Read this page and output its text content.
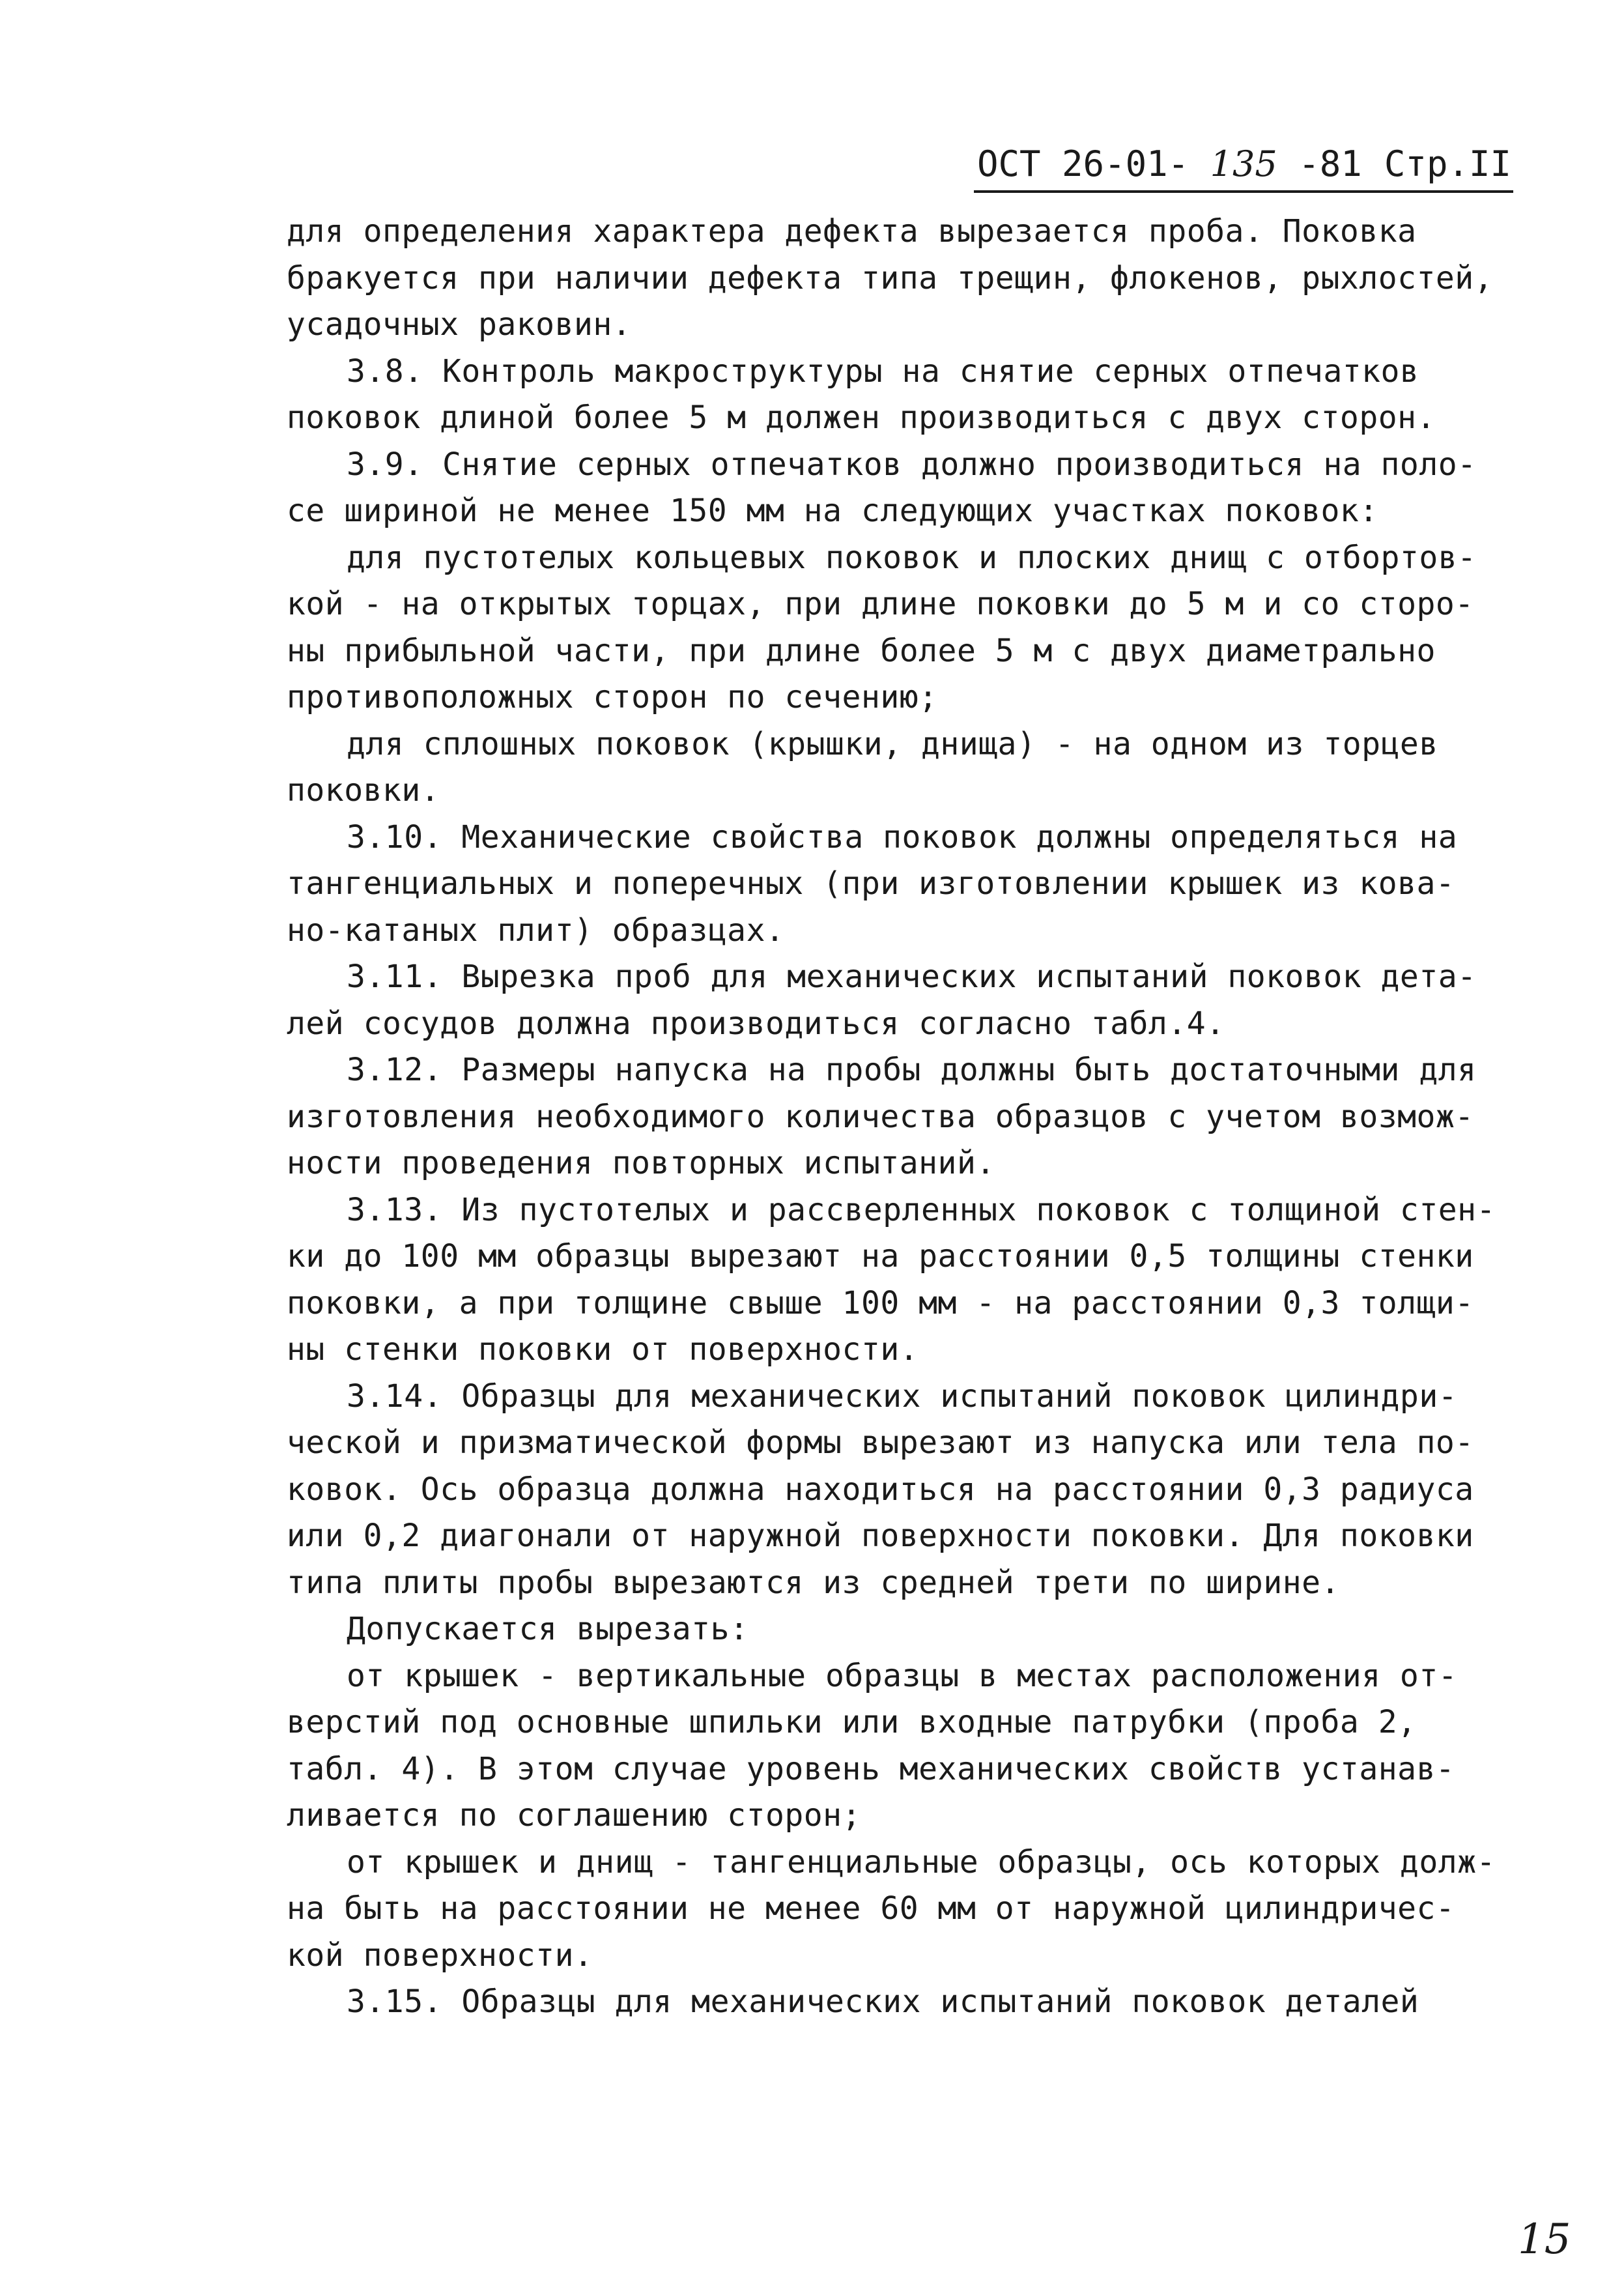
ОСТ 26-01- 135 -81 Стр.II
для определения характера дефекта вырезается проба. Поковка
бракуется при наличии дефекта типа трещин, флокенов, рыхлостей,
усадочных раковин.
3.8. Контроль макроструктуры на снятие серных отпечатков
поковок длиной более 5 м должен производиться с двух сторон.
3.9. Снятие серных отпечатков должно производиться на поло-
се шириной не менее 150 мм на следующих участках поковок:
для пустотелых кольцевых поковок и плоских днищ с отбортов-
кой - на открытых торцах, при длине поковки до 5 м и со сторо-
ны прибыльной части, при длине более 5 м с двух диаметрально
противоположных сторон по сечению;
для сплошных поковок (крышки, днища) - на одном из торцев
поковки.
3.10. Механические свойства поковок должны определяться на
тангенциальных и поперечных (при изготовлении крышек из кова-
но-катаных плит) образцах.
3.11. Вырезка проб для механических испытаний поковок дета-
лей сосудов должна производиться согласно табл.4.
3.12. Размеры напуска на пробы должны быть достаточными для
изготовления необходимого количества образцов с учетом возмож-
ности проведения повторных испытаний.
3.13. Из пустотелых и рассверленных поковок с толщиной стен-
ки до 100 мм образцы вырезают на расстоянии 0,5 толщины стенки
поковки, а при толщине свыше 100 мм - на расстоянии 0,3 толщи-
ны стенки поковки от поверхности.
3.14. Образцы для механических испытаний поковок цилиндри-
ческой и призматической формы вырезают из напуска или тела по-
ковок. Ось образца должна находиться на расстоянии 0,3 радиуса
или 0,2 диагонали от наружной поверхности поковки. Для поковки
типа плиты пробы вырезаются из средней трети по ширине.
Допускается вырезать:
от крышек - вертикальные образцы в местах расположения от-
верстий под основные шпильки или входные патрубки (проба 2,
табл. 4). В этом случае уровень механических свойств устанав-
ливается по соглашению сторон;
от крышек и днищ - тангенциальные образцы, ось которых долж-
на быть на расстоянии не менее 60 мм от наружной цилиндричес-
кой поверхности.
3.15. Образцы для механических испытаний поковок деталей
15
